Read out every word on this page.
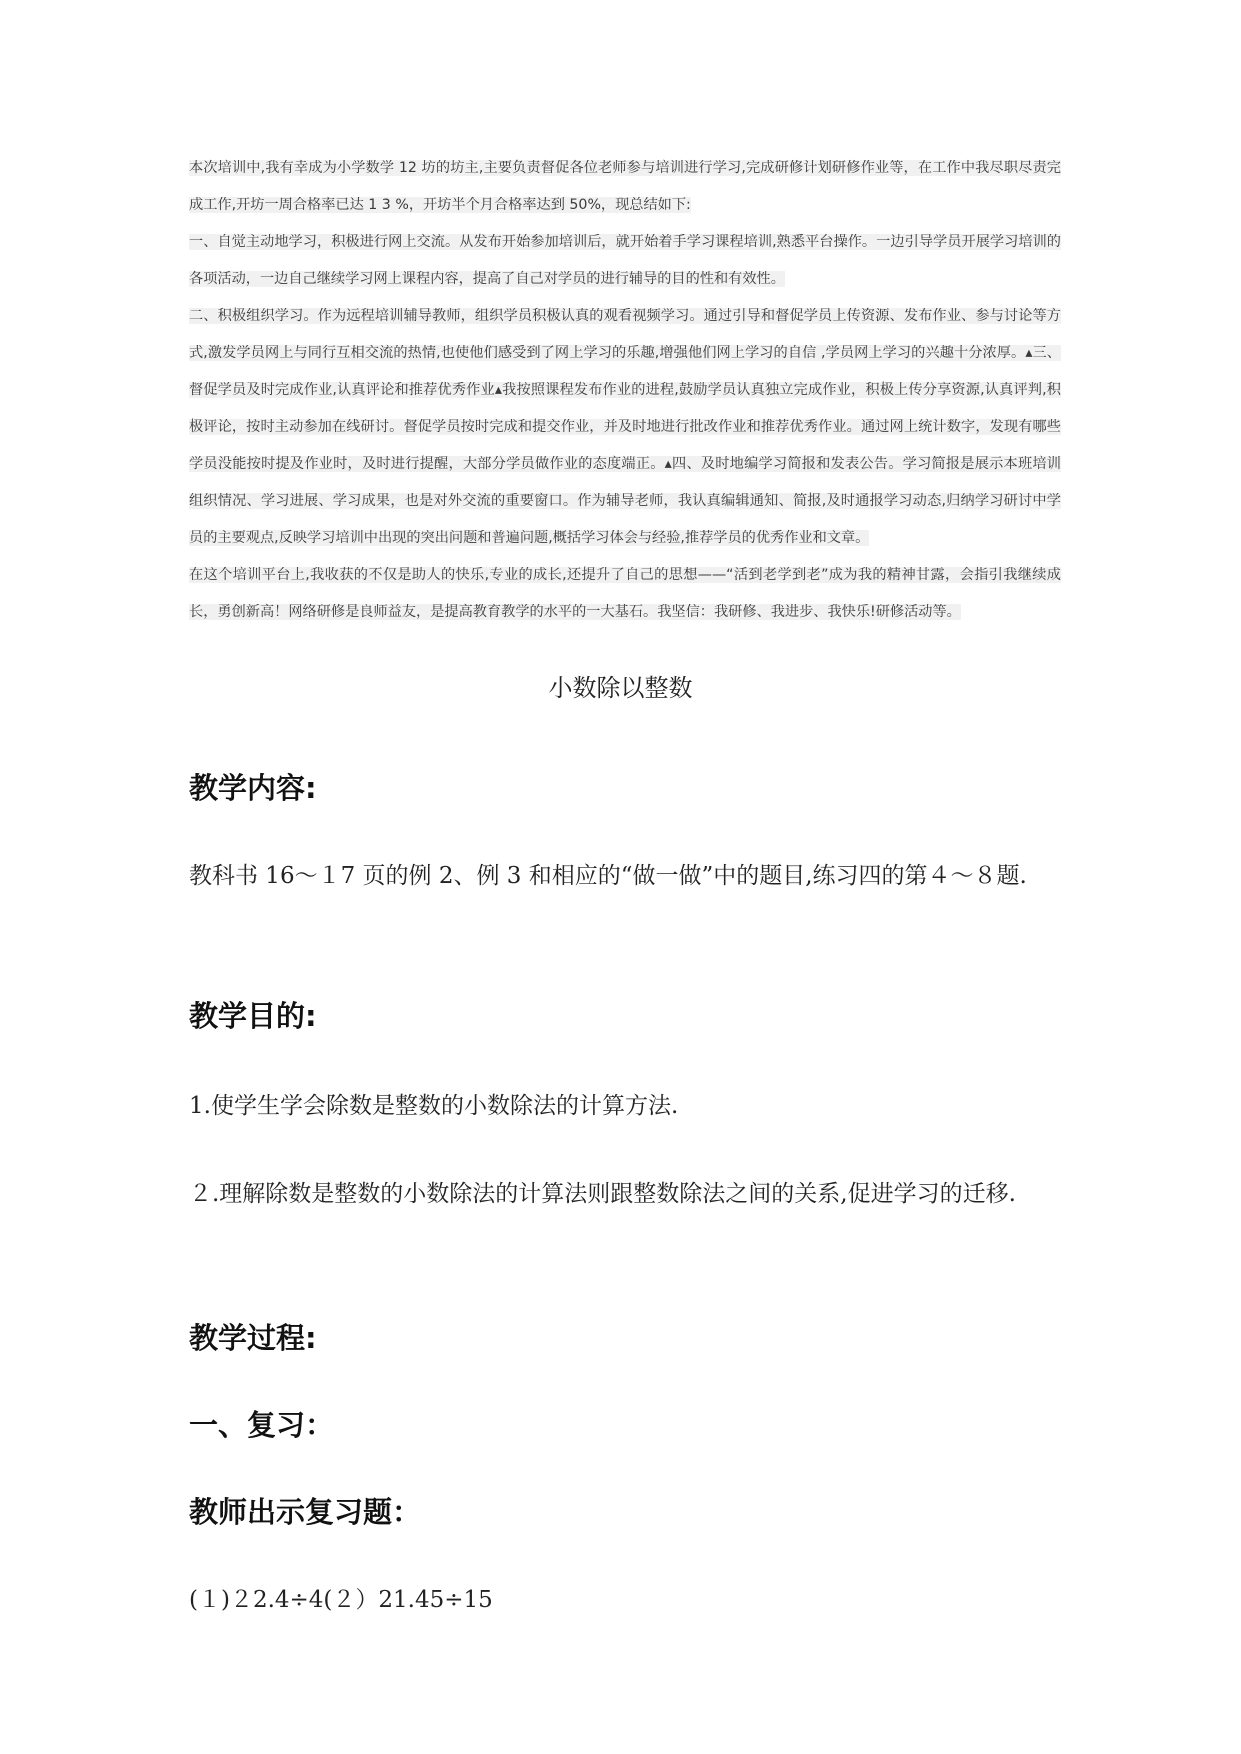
本次培训中,我有幸成为小学数学 12 坊的坊主,主要负责督促各位老师参与培训进行学习,完成研修计划研修作业等，在工作中我尽职尽责完成工作,开坊一周合格率已达 1 3 %，开坊半个月合格率达到 50%，现总结如下:

一、自觉主动地学习，积极进行网上交流。从发布开始参加培训后，就开始着手学习课程培训,熟悉平台操作。一边引导学员开展学习培训的各项活动，一边自己继续学习网上课程内容，提高了自己对学员的进行辅导的目的性和有效性。

二、积极组织学习。作为远程培训辅导教师，组织学员积极认真的观看视频学习。通过引导和督促学员上传资源、发布作业、参与讨论等方式,激发学员网上与同行互相交流的热情,也使他们感受到了网上学习的乐趣,增强他们网上学习的自信 ,学员网上学习的兴趣十分浓厚。▴三、督促学员及时完成作业,认真评论和推荐优秀作业▴我按照课程发布作业的进程,鼓励学员认真独立完成作业，积极上传分享资源,认真评判,积极评论，按时主动参加在线研讨。督促学员按时完成和提交作业，并及时地进行批改作业和推荐优秀作业。通过网上统计数字，发现有哪些学员没能按时提及作业时，及时进行提醒，大部分学员做作业的态度端正。▴四、及时地编学习简报和发表公告。学习简报是展示本班培训组织情况、学习进展、学习成果，也是对外交流的重要窗口。作为辅导老师，我认真编辑通知、简报,及时通报学习动态,归纳学习研讨中学员的主要观点,反映学习培训中出现的突出问题和普遍问题,概括学习体会与经验,推荐学员的优秀作业和文章。

在这个培训平台上,我收获的不仅是助人的快乐,专业的成长,还提升了自己的思想——“活到老学到老”成为我的精神甘露，会指引我继续成长，勇创新高！网络研修是良师益友，是提高教育教学的水平的一大基石。我坚信：我研修、我进步、我快乐!研修活动等。

小数除以整数
教学内容:

教科书 16～１7 页的例 2、例 3 和相应的“做一做”中的题目,练习四的第４～８题.

教学目的:

1.使学生学会除数是整数的小数除法的计算方法.

２.理解除数是整数的小数除法的计算法则跟整数除法之间的关系,促进学习的迁移.

教学过程:
一、复习：
教师出示复习题：

(１)２2.4÷4(２）21.45÷15
